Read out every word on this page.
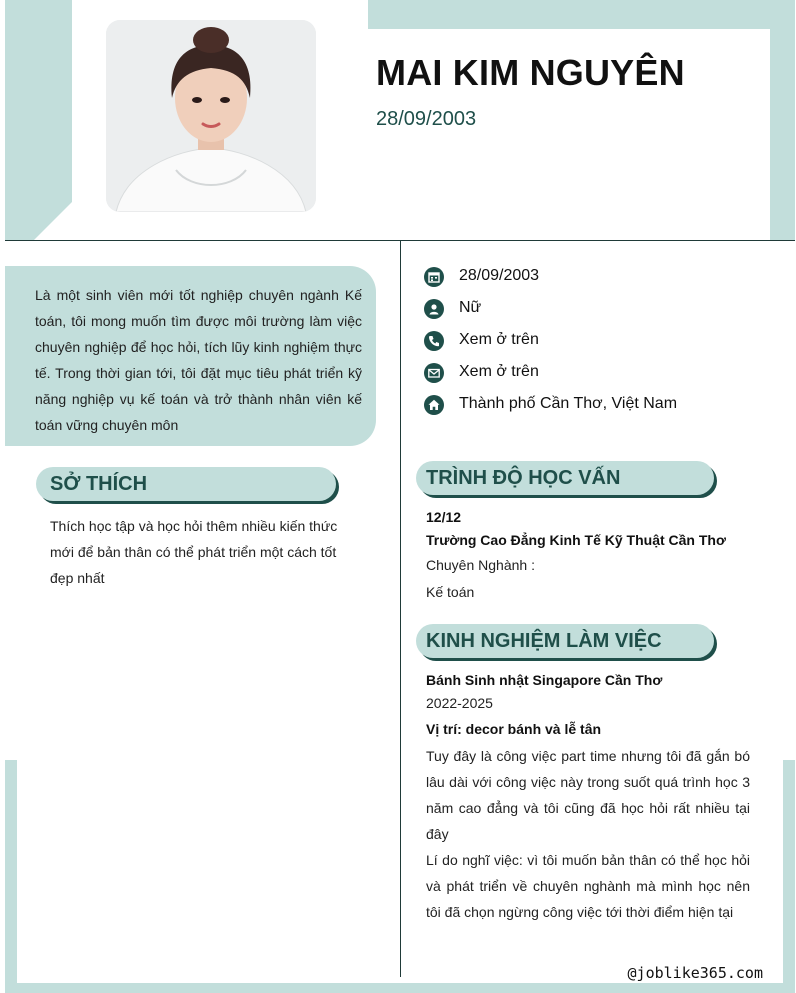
MAI KIM NGUYÊN
28/09/2003

Là một sinh viên mới tốt nghiệp chuyên ngành Kế toán, tôi mong muốn tìm được môi trường làm việc chuyên nghiệp để học hỏi, tích lũy kinh nghiệm thực tế. Trong thời gian tới, tôi đặt mục tiêu phát triển kỹ năng nghiệp vụ kế toán và trở thành nhân viên kế toán vững chuyên môn

SỞ THÍCH
Thích học tập và học hỏi thêm nhiều kiến thức mới để bản thân có thể phát triển một cách tốt đẹp nhất
28/09/2003
Nữ
Xem ở trên
Xem ở trên
Thành phố Cần Thơ, Việt Nam
TRÌNH ĐỘ HỌC VẤN
12/12
Trường Cao Đẳng Kinh Tế Kỹ Thuật Cần Thơ
Chuyên Nghành :
Kế toán
KINH NGHIỆM LÀM VIỆC
Bánh Sinh nhật Singapore Cần Thơ
2022-2025
Vị trí: decor bánh và lễ tân

Tuy đây là công việc part time nhưng tôi đã gắn bó lâu dài với công việc này trong suốt quá trình học 3 năm cao đẳng và tôi cũng đã học hỏi rất nhiều tại đây

Lí do nghĩ việc: vì tôi muốn bản thân có thể học hỏi và phát triển về chuyên nghành mà mình học nên tôi đã chọn ngừng công việc tới thời điểm hiện tại

@joblike365.com
